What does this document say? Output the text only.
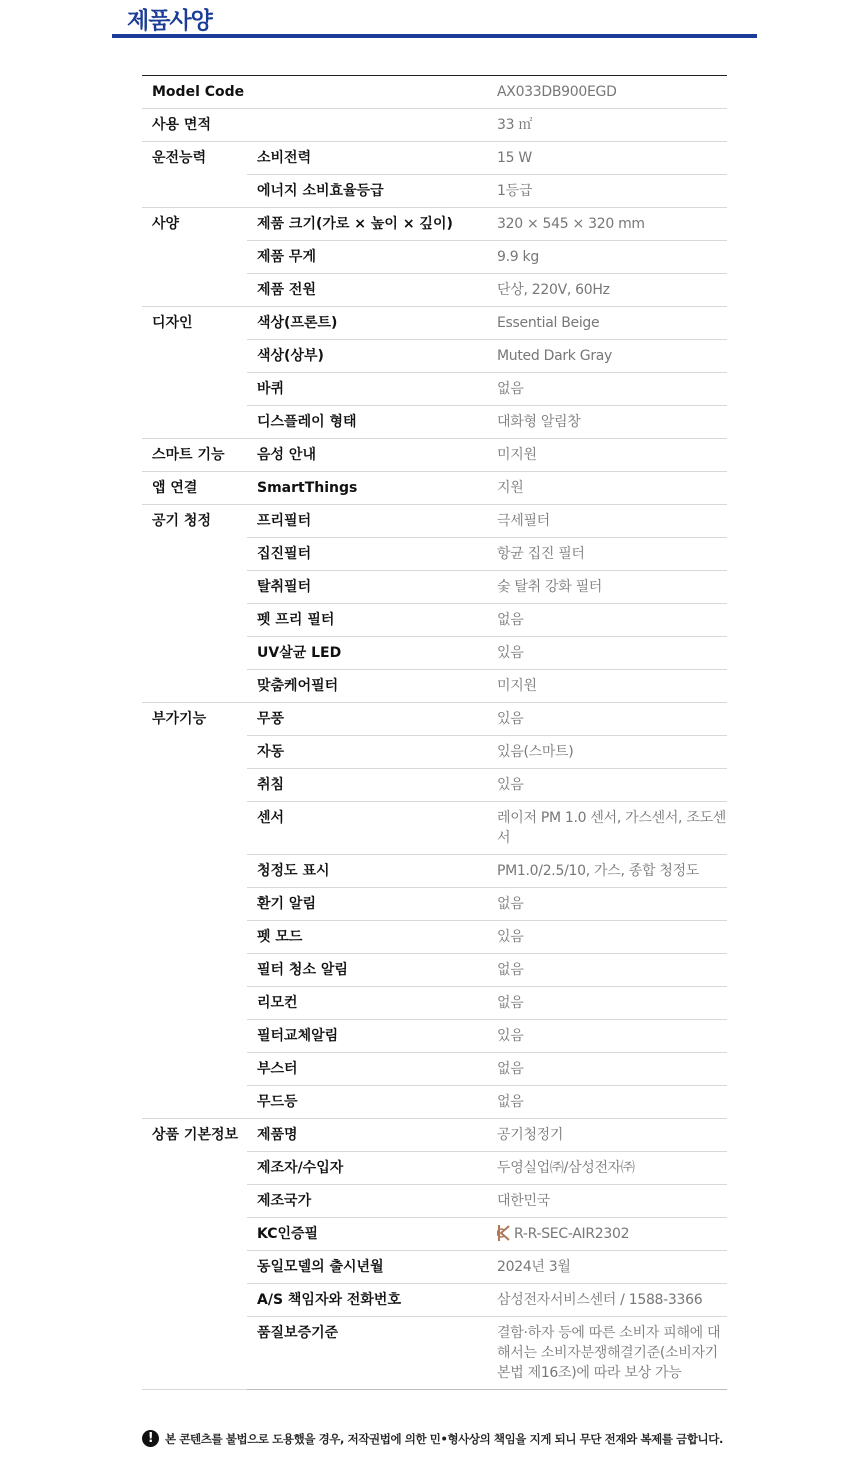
제품사양
Model Code		AX033DB900EGD
사용 면적		33 ㎡
운전능력	소비전력	15 W
	에너지 소비효율등급	1등급
사양	제품 크기(가로 × 높이 × 깊이)	320 × 545 × 320 mm
	제품 무게	9.9 kg
	제품 전원	단상, 220V, 60Hz
디자인	색상(프론트)	Essential Beige
	색상(상부)	Muted Dark Gray
	바퀴	없음
	디스플레이 형태	대화형 알림창
스마트 기능	음성 안내	미지원
앱 연결	SmartThings	지원
공기 청정	프리필터	극세필터
	집진필터	항균 집진 필터
	탈취필터	숯 탈취 강화 필터
	펫 프리 필터	없음
	UV살균 LED	있음
	맞춤케어필터	미지원
부가기능	무풍	있음
	자동	있음(스마트)
	취침	있음
	센서	레이저 PM 1.0 센서, 가스센서, 조도센서
	청정도 표시	PM1.0/2.5/10, 가스, 종합 청정도
	환기 알림	없음
	펫 모드	있음
	필터 청소 알림	없음
	리모컨	없음
	필터교체알림	있음
	부스터	없음
	무드등	없음
상품 기본정보	제품명	공기청정기
	제조자/수입자	두영실업㈜/삼성전자㈜
	제조국가	대한민국
	KC인증필	R-R-SEC-AIR2302
	동일모델의 출시년월	2024년 3월
	A/S 책임자와 전화번호	삼성전자서비스센터 / 1588-3366
	품질보증기준	결함·하자 등에 따른 소비자 피해에 대해서는 소비자분쟁해결기준(소비자기본법 제16조)에 따라 보상 가능
!	본 콘텐츠를 불법으로 도용했을 경우, 저작권법에 의한 민•형사상의 책임을 지게 되니 무단 전재와 복제를 금합니다.
